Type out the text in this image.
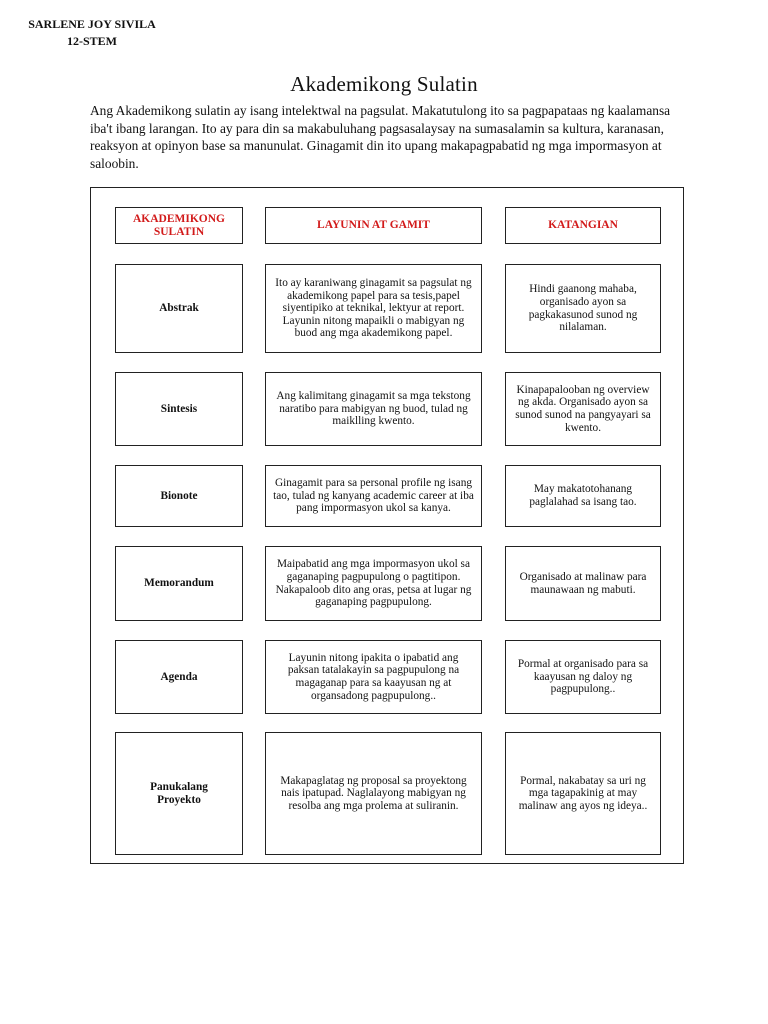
SARLENE JOY SIVILA
12-STEM
Akademikong Sulatin
Ang Akademikong sulatin ay isang intelektwal na pagsulat. Makatutulong ito sa pagpapataas ng kaalamansa iba't ibang larangan. Ito ay para din sa makabuluhang pagsasalaysay na sumasalamin sa kultura, karanasan, reaksyon at opinyon base sa manunulat. Ginagamit din ito upang makapagpabatid ng mga impormasyon at saloobin.
AKADEMIKONG SULATIN
LAYUNIN AT GAMIT	KATANGIAN
Abstrak
Ito ay karaniwang ginagamit sa pagsulat ng akademikong papel para sa tesis,papel siyentipiko at teknikal, lektyur at report. Layunin nitong mapaikli o mabigyan ng buod ang mga akademikong papel.
Hindi gaanong mahaba, organisado ayon sa pagkakasunod sunod ng nilalaman.
Sintesis
Ang kalimitang ginagamit sa mga tekstong naratibo para mabigyan ng buod, tulad ng maiklling kwento.
Kinapapalooban ng overview ng akda. Organisado ayon sa sunod sunod na pangyayari sa kwento.
Bionote
Ginagamit para sa personal profile ng isang tao, tulad ng kanyang academic career at iba pang impormasyon ukol sa kanya.
May makatotohanang paglalahad sa isang tao.
Memorandum
Maipabatid ang mga impormasyon ukol sa gaganaping pagpupulong o pagtitipon. Nakapaloob dito ang oras, petsa at lugar ng gaganaping pagpupulong.
Organisado at malinaw para maunawaan ng mabuti.
Agenda
Layunin nitong ipakita o ipabatid ang paksan tatalakayin sa pagpupulong na magaganap para sa kaayusan ng at organsadong pagpupulong..
Pormal at organisado para sa kaayusan ng daloy ng pagpupulong..
Panukalang Proyekto
Makapaglatag ng proposal sa proyektong nais ipatupad. Naglalayong mabigyan ng resolba ang mga prolema at suliranin.
Pormal, nakabatay sa uri ng mga tagapakinig at may malinaw ang ayos ng ideya..
